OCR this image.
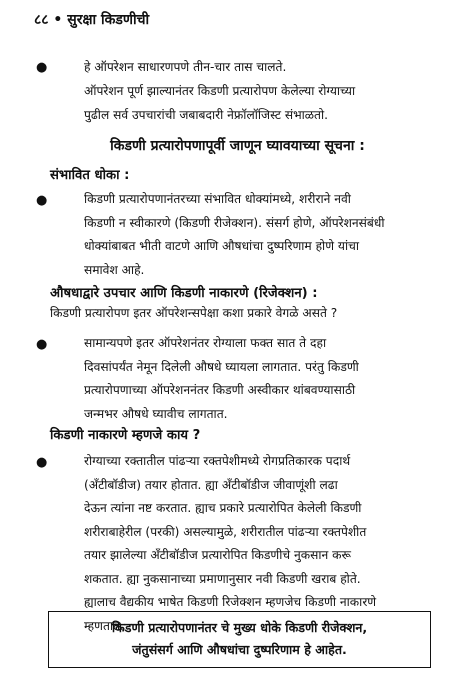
८८ • सुरक्षा किडणीची
●	हे ऑपरेशन साधारणपणे तीन-चार तास चालते.
ऑपरेशन पूर्ण झाल्यानंतर किडणी प्रत्यारोपण केलेल्या रोग्याच्या
पुढील सर्व उपचारांची जबाबदारी नेफ्रॉलॉजिस्ट संभाळतो.
किडणी प्रत्यारोपणापूर्वी जाणून घ्यावयाच्या सूचना :
संभावित धोका :
●	किडणी प्रत्यारोपणानंतरच्या संभावित धोक्यांमध्ये, शरीराने नवी
किडणी न स्वीकारणे (किडणी रीजेक्शन). संसर्ग होणे, ऑपरेशनसंबंधी
धोक्यांबाबत भीती वाटणे आणि औषधांचा दुष्परिणाम होणे यांचा
समावेश आहे.
औषधाद्वारे उपचार आणि किडणी नाकारणे (रिजेक्शन) :
किडणी प्रत्यारोपण इतर ऑपरेशन्सपेक्षा कशा प्रकारे वेगळे असते ?
●	सामान्यपणे इतर ऑपरेशनंतर रोग्याला फक्त सात ते दहा
दिवसांपर्यंत नेमून दिलेली औषधे घ्यायला लागतात. परंतु किडणी
प्रत्यारोपणाच्या ऑपरेशननंतर किडणी अस्वीकार थांबवण्यासाठी
जन्मभर औषधे घ्यावीच लागतात.
किडणी नाकारणे म्हणजे काय ?
●	रोग्याच्या रक्तातील पांढऱ्या रक्तपेशीमध्ये रोगप्रतिकारक पदार्थ
(ॲंटीबॉडीज) तयार होतात. ह्या ॲंटीबॉडीज जीवाणूंशी लढा
देऊन त्यांना नष्ट करतात. ह्याच प्रकारे प्रत्यारोपित केलेली किडणी
शरीराबाहेरील (परकी) असल्यामुळे, शरीरातील पांढऱ्या रक्तपेशीत
तयार झालेल्या ॲंटीबॉडीज प्रत्यारोपित किडणीचे नुकसान करू
शकतात. ह्या नुकसानाच्या प्रमाणानुसार नवी किडणी खराब होते.
ह्यालाच वैद्यकीय भाषेत किडणी रिजेक्शन म्हणजेच किडणी नाकारणे
म्हणतात.
किडणी प्रत्यारोपणानंतर चे मुख्य धोके किडणी रीजेक्शन,
जंतुसंसर्ग आणि औषधांचा दुष्परिणाम हे आहेत.
